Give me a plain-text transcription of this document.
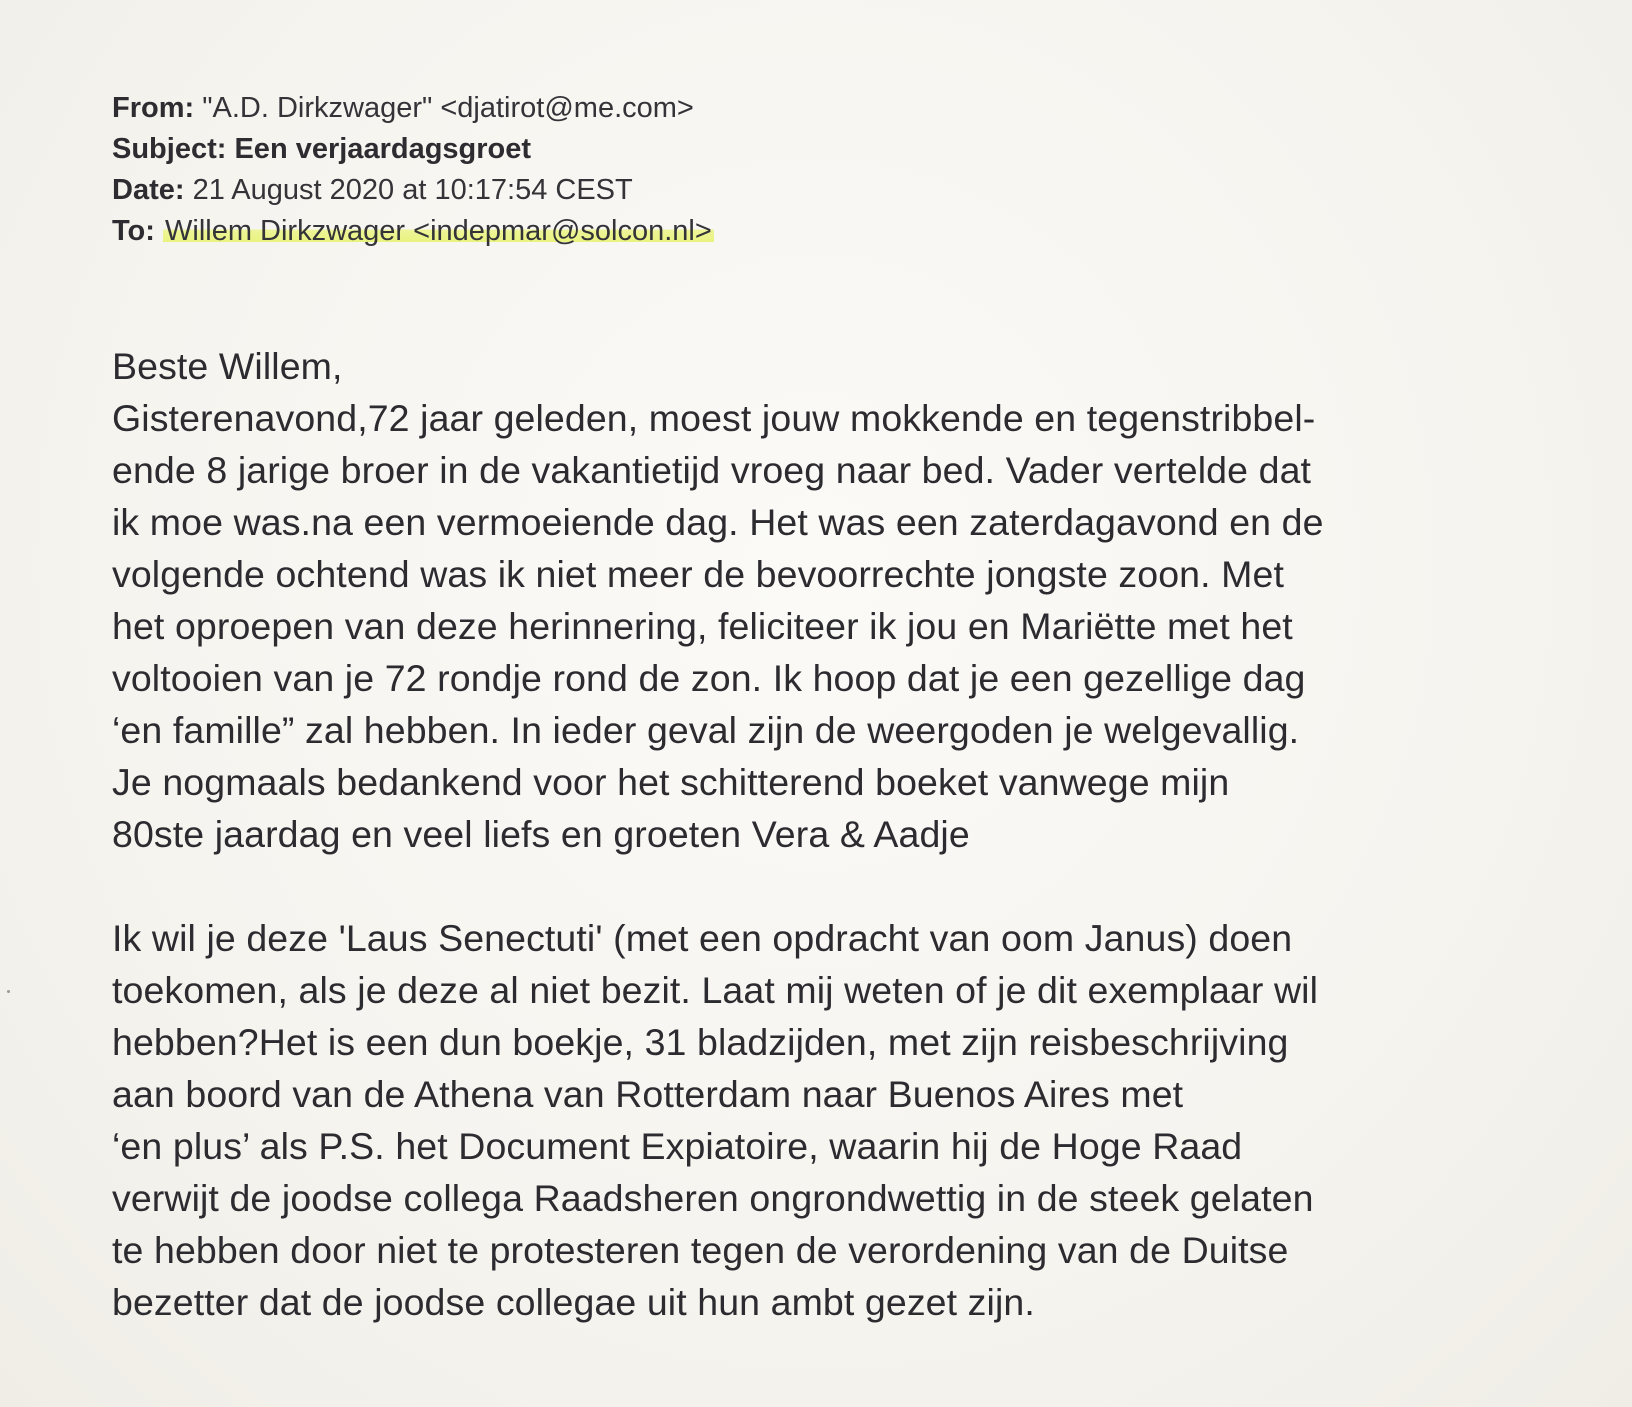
From: "A.D. Dirkzwager" <djatirot@me.com>
Subject: Een verjaardagsgroet
Date: 21 August 2020 at 10:17:54 CEST
To: Willem Dirkzwager <indepmar@solcon.nl>
Beste Willem,
Gisterenavond,72 jaar geleden, moest jouw mokkende en tegenstribbel-
ende 8 jarige broer in de vakantietijd vroeg naar bed. Vader vertelde dat
ik moe was.na een vermoeiende dag. Het was een zaterdagavond en de
volgende ochtend was ik niet meer de bevoorrechte jongste zoon. Met
het oproepen van deze herinnering, feliciteer ik jou en Mariëtte met het
voltooien van je 72 rondje rond de zon. Ik hoop dat je een gezellige dag
‘en famille” zal hebben. In ieder geval zijn de weergoden je welgevallig.
Je nogmaals bedankend voor het schitterend boeket vanwege mijn
80ste jaardag en veel liefs en groeten Vera & Aadje
Ik wil je deze 'Laus Senectuti' (met een opdracht van oom Janus) doen
toekomen, als je deze al niet bezit. Laat mij weten of je dit exemplaar wil
hebben?Het is een dun boekje, 31 bladzijden, met zijn reisbeschrijving
aan boord van de Athena van Rotterdam naar Buenos Aires met
‘en plus’ als P.S. het Document Expiatoire, waarin hij de Hoge Raad
verwijt de joodse collega Raadsheren ongrondwettig in de steek gelaten
te hebben door niet te protesteren tegen de verordening van de Duitse
bezetter dat de joodse collegae uit hun ambt gezet zijn.
